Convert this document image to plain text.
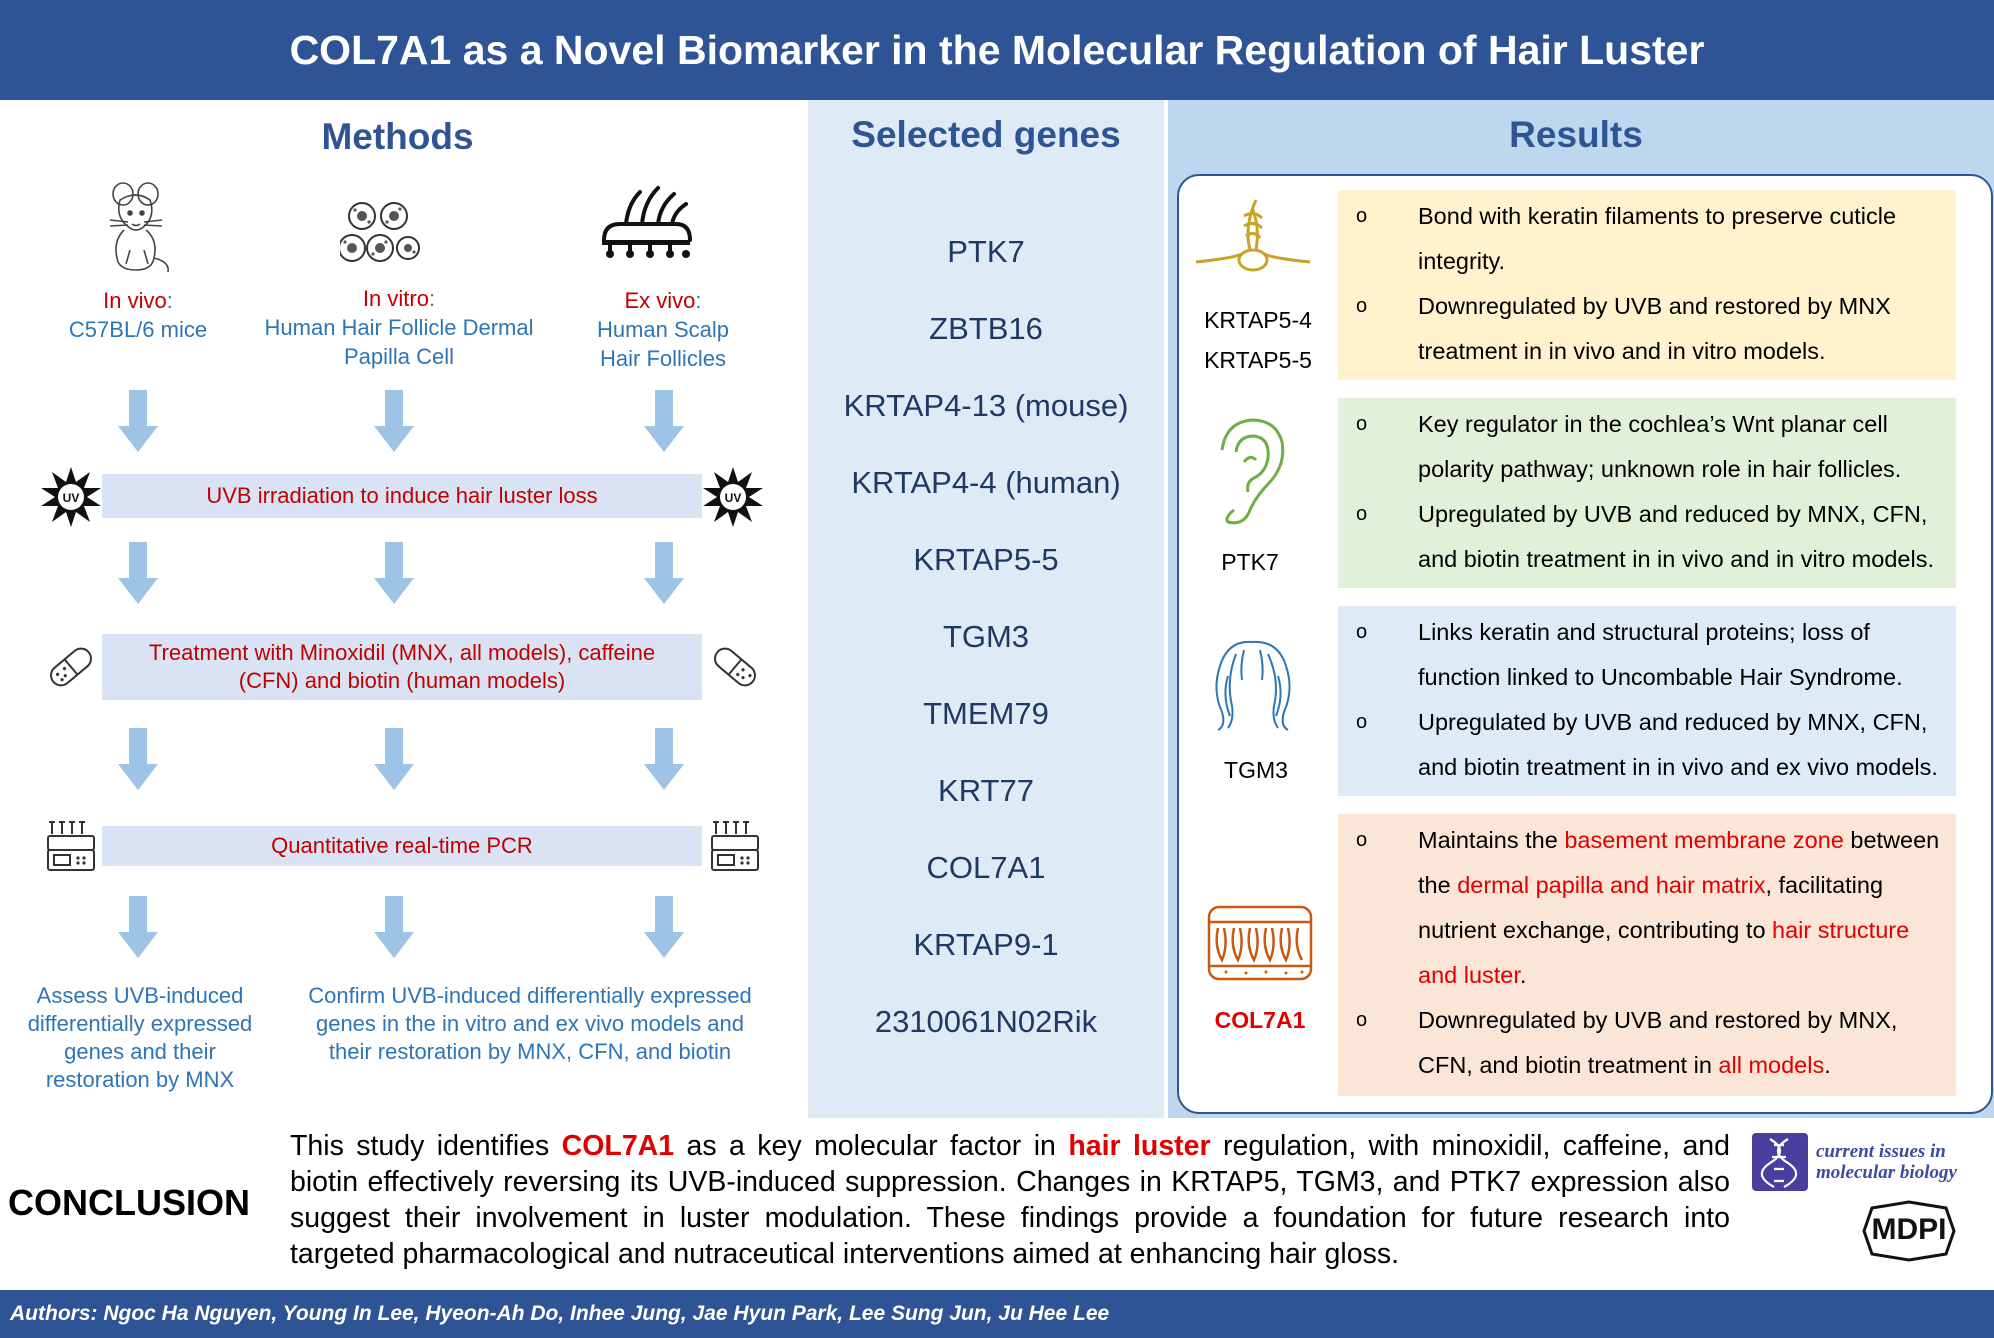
COL7A1 as a Novel Biomarker in the Molecular Regulation of Hair Luster
Methods
In vivo:
C57BL/6 mice
In vitro:
Human Hair Follicle Dermal Papilla Cell
Ex vivo:
Human Scalp Hair Follicles
UV	UVB irradiation to induce hair luster loss	UV
Treatment with Minoxidil (MNX, all models), caffeine (CFN) and biotin (human models)
Quantitative real-time PCR
Assess UVB-induced differentially expressed genes and their restoration by MNX
Confirm UVB-induced differentially expressed genes in the in vitro and ex vivo models and their restoration by MNX, CFN, and biotin
Selected genes
PTK7
ZBTB16
KRTAP4-13 (mouse)
KRTAP4-4 (human)
KRTAP5-5
TGM3
TMEM79
KRT77
COL7A1
KRTAP9-1
2310061N02Rik
Results
KRTAP5-4
KRTAP5-5
o	Bond with keratin filaments to preserve cuticle integrity.
o	Downregulated by UVB and restored by MNX treatment in in vivo and in vitro models.
PTK7
o	Key regulator in the cochlea’s Wnt planar cell polarity pathway; unknown role in hair follicles.
o	Upregulated by UVB and reduced by MNX, CFN, and biotin treatment in in vivo and in vitro models.
TGM3
o	Links keratin and structural proteins; loss of function linked to Uncombable Hair Syndrome.
o	Upregulated by UVB and reduced by MNX, CFN, and biotin treatment in in vivo and ex vivo models.
COL7A1
o	Maintains the basement membrane zone between the dermal papilla and hair matrix, facilitating nutrient exchange, contributing to hair structure and luster.
o	Downregulated by UVB and restored by MNX, CFN, and biotin treatment in all models.
CONCLUSION
This study identifies COL7A1 as a key molecular factor in hair luster regulation, with minoxidil, caffeine, and biotin effectively reversing its UVB-induced suppression. Changes in KRTAP5, TGM3, and PTK7 expression also suggest their involvement in luster modulation. These findings provide a foundation for future research into targeted pharmacological and nutraceutical interventions aimed at enhancing hair gloss.
current issues in
molecular biology
MDPI
Authors: Ngoc Ha Nguyen, Young In Lee, Hyeon-Ah Do, Inhee Jung, Jae Hyun Park, Lee Sung Jun, Ju Hee Lee
